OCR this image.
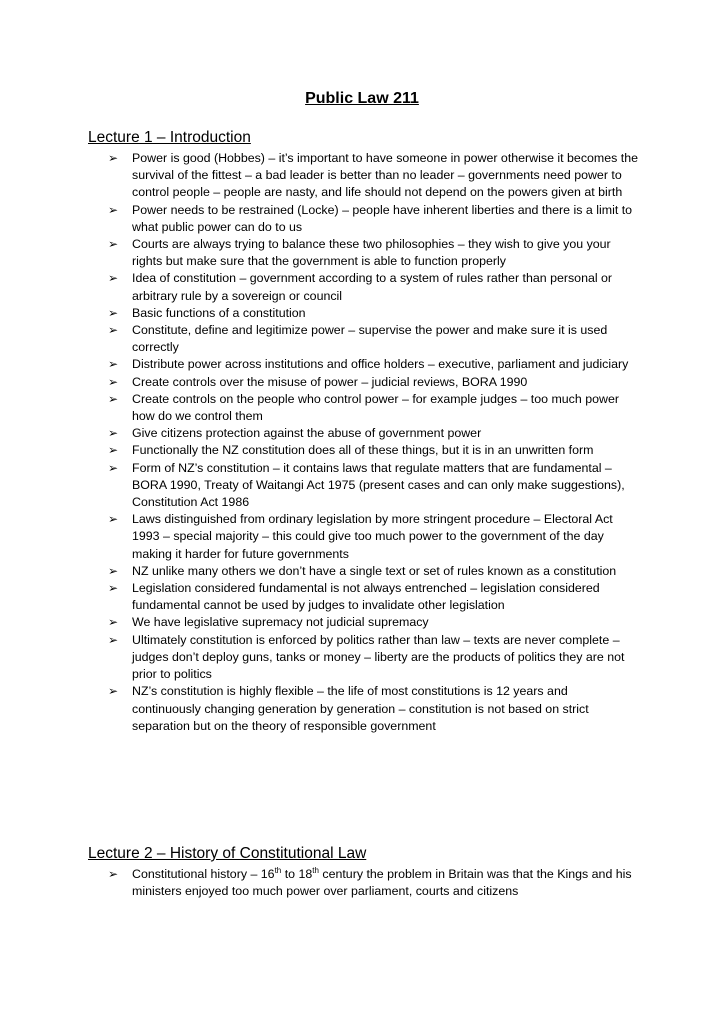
Public Law 211
Lecture 1 – Introduction
➢ Power is good (Hobbes) – it’s important to have someone in power otherwise it becomes the survival of the fittest – a bad leader is better than no leader – governments need power to control people – people are nasty, and life should not depend on the powers given at birth
➢ Power needs to be restrained (Locke) – people have inherent liberties and there is a limit to what public power can do to us
➢ Courts are always trying to balance these two philosophies – they wish to give you your rights but make sure that the government is able to function properly
➢ Idea of constitution – government according to a system of rules rather than personal or arbitrary rule by a sovereign or council
➢ Basic functions of a constitution
➢ Constitute, define and legitimize power – supervise the power and make sure it is used correctly
➢ Distribute power across institutions and office holders – executive, parliament and judiciary
➢ Create controls over the misuse of power – judicial reviews, BORA 1990
➢ Create controls on the people who control power – for example judges – too much power how do we control them
➢ Give citizens protection against the abuse of government power
➢ Functionally the NZ constitution does all of these things, but it is in an unwritten form
➢ Form of NZ’s constitution – it contains laws that regulate matters that are fundamental – BORA 1990, Treaty of Waitangi Act 1975 (present cases and can only make suggestions), Constitution Act 1986
➢ Laws distinguished from ordinary legislation by more stringent procedure – Electoral Act 1993 – special majority – this could give too much power to the government of the day making it harder for future governments
➢ NZ unlike many others we don’t have a single text or set of rules known as a constitution
➢ Legislation considered fundamental is not always entrenched – legislation considered fundamental cannot be used by judges to invalidate other legislation
➢ We have legislative supremacy not judicial supremacy
➢ Ultimately constitution is enforced by politics rather than law – texts are never complete – judges don’t deploy guns, tanks or money – liberty are the products of politics they are not prior to politics
➢ NZ’s constitution is highly flexible – the life of most constitutions is 12 years and continuously changing generation by generation – constitution is not based on strict separation but on the theory of responsible government
Lecture 2 – History of Constitutional Law
➢ Constitutional history – 16th to 18th century the problem in Britain was that the Kings and his ministers enjoyed too much power over parliament, courts and citizens
